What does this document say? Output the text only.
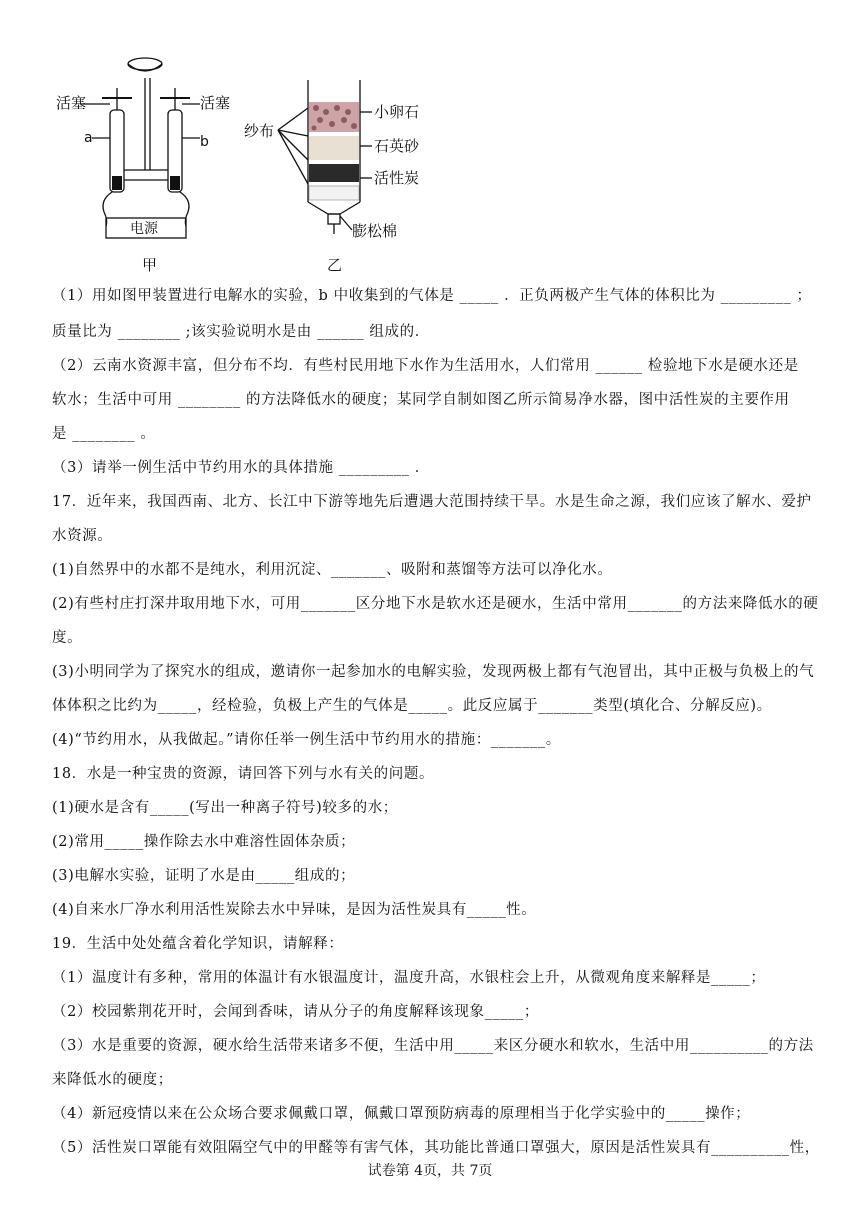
活塞	活塞
a	b
电源
纱布
小卵石
石英砂
活性炭
膨松棉
甲	乙
（1）用如图甲装置进行电解水的实验，b 中收集到的气体是 _____ ．正负两极产生气体的体积比为 _________ ；
质量比为 ________ ;该实验说明水是由 ______ 组成的．
（2）云南水资源丰富，但分布不均．有些村民用地下水作为生活用水，人们常用 ______ 检验地下水是硬水还是
软水；生活中可用 ________ 的方法降低水的硬度；某同学自制如图乙所示简易净水器，图中活性炭的主要作用
是 ________ 。
（3）请举一例生活中节约用水的具体措施 _________ ．
17．近年来，我国西南、北方、长江中下游等地先后遭遇大范围持续干旱。水是生命之源，我们应该了解水、爱护
水资源。
(1)自然界中的水都不是纯水，利用沉淀、_______、吸附和蒸馏等方法可以净化水。
(2)有些村庄打深井取用地下水，可用_______区分地下水是软水还是硬水，生活中常用_______的方法来降低水的硬
度。
(3)小明同学为了探究水的组成，邀请你一起参加水的电解实验，发现两极上都有气泡冒出，其中正极与负极上的气
体体积之比约为_____，经检验，负极上产生的气体是_____。此反应属于_______类型(填化合、分解反应)。
(4)“节约用水，从我做起。”请你任举一例生活中节约用水的措施：_______。
18．水是一种宝贵的资源，请回答下列与水有关的问题。
(1)硬水是含有_____(写出一种离子符号)较多的水；
(2)常用_____操作除去水中难溶性固体杂质；
(3)电解水实验，证明了水是由_____组成的；
(4)自来水厂净水利用活性炭除去水中异味，是因为活性炭具有_____性。
19．生活中处处蕴含着化学知识，请解释：
（1）温度计有多种，常用的体温计有水银温度计，温度升高，水银柱会上升，从微观角度来解释是_____；
（2）校园紫荆花开时，会闻到香味，请从分子的角度解释该现象_____；
（3）水是重要的资源，硬水给生活带来诸多不便，生活中用_____来区分硬水和软水，生活中用__________的方法
来降低水的硬度；
（4）新冠疫情以来在公众场合要求佩戴口罩，佩戴口罩预防病毒的原理相当于化学实验中的_____操作；
（5）活性炭口罩能有效阻隔空气中的甲醛等有害气体，其功能比普通口罩强大，原因是活性炭具有__________性，
试卷第 4页，共 7页
